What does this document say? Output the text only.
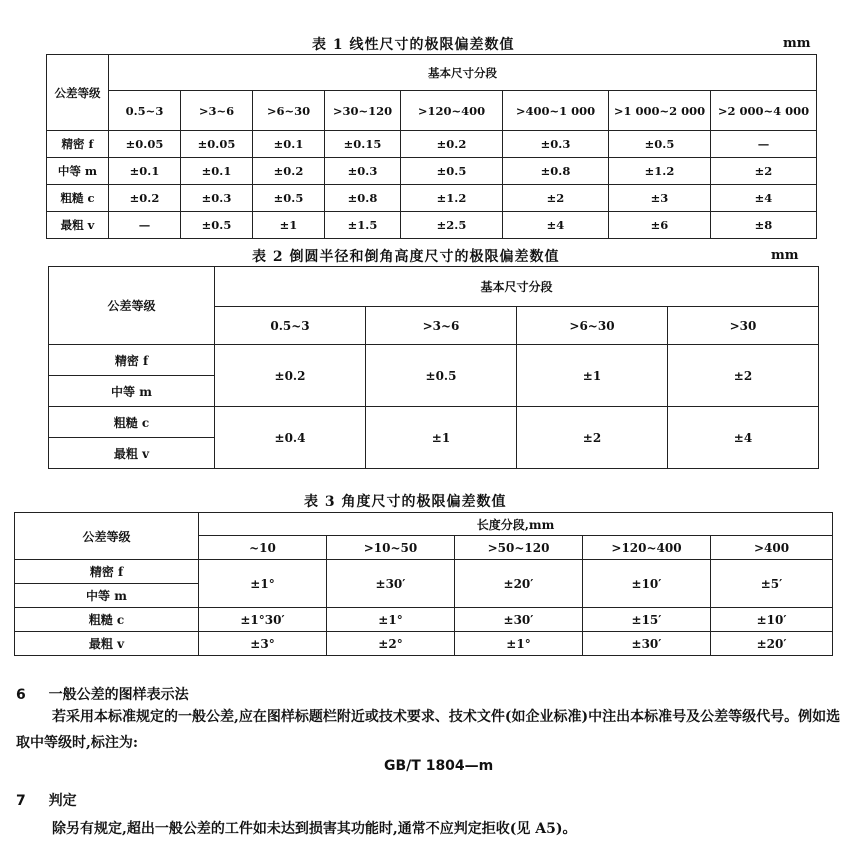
表 1 线性尺寸的极限偏差数值	mm
公差等级	基本尺寸分段							
	0.5~3	>3~6	>6~30	>30~120	>120~400	>400~1 000	>1 000~2 000	>2 000~4 000
精密 f	±0.05	±0.05	±0.1	±0.15	±0.2	±0.3	±0.5	—
中等 m	±0.1	±0.1	±0.2	±0.3	±0.5	±0.8	±1.2	±2
粗糙 c	±0.2	±0.3	±0.5	±0.8	±1.2	±2	±3	±4
最粗 v	—	±0.5	±1	±1.5	±2.5	±4	±6	±8
表 2 倒圆半径和倒角高度尺寸的极限偏差数值	mm
公差等级	基本尺寸分段			
	0.5~3	>3~6	>6~30	>30
精密 f	±0.2	±0.5	±1	±2
中等 m				
粗糙 c	±0.4	±1	±2	±4
最粗 v				
表 3 角度尺寸的极限偏差数值
公差等级	长度分段,mm				
	~10	>10~50	>50~120	>120~400	>400
精密 f	±1°	±30′	±20′	±10′	±5′
中等 m					
粗糙 c	±1°30′	±1°	±30′	±15′	±10′
最粗 v	±3°	±2°	±1°	±30′	±20′
6 一般公差的图样表示法
若采用本标准规定的一般公差,应在图样标题栏附近或技术要求、技术文件(如企业标准)中注出本标准号及公差等级代号。例如选取中等级时,标注为:
GB/T 1804—m
7 判定
除另有规定,超出一般公差的工件如未达到损害其功能时,通常不应判定拒收(见 A5)。
